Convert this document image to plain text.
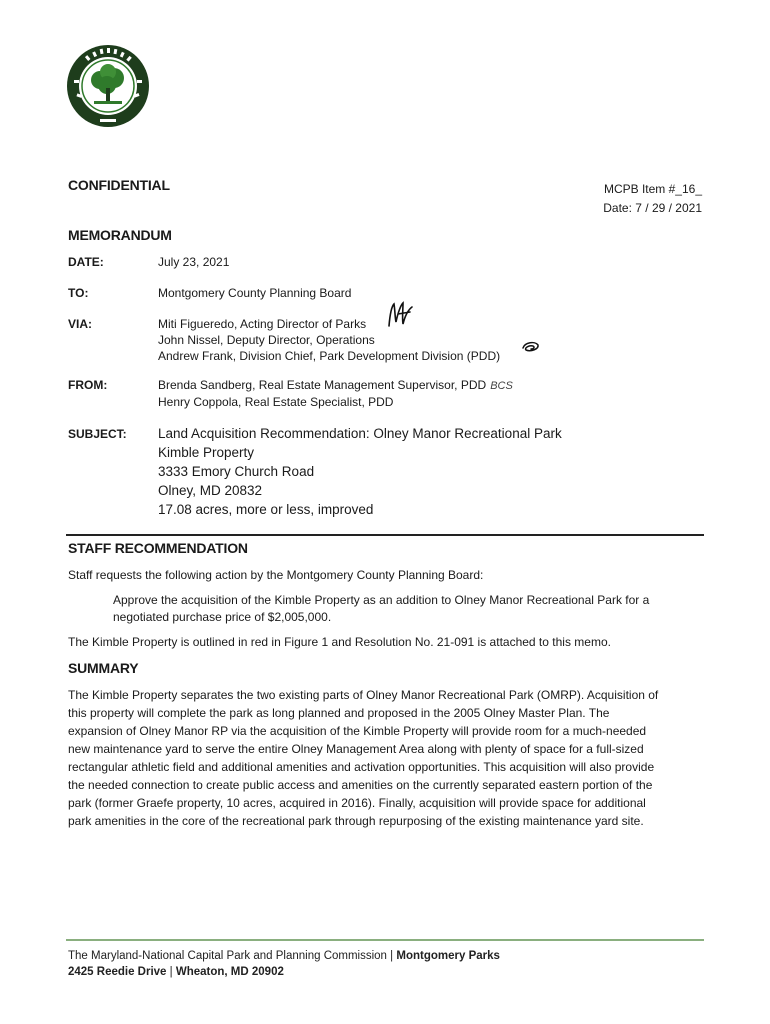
CONFIDENTIAL	MCPB Item #_16_
Date: 7 / 29 / 2021
MEMORANDUM
DATE:	July 23, 2021
TO:	Montgomery County Planning Board
VIA:	Miti Figueredo, Acting Director of Parks
John Nissel, Deputy Director, Operations
Andrew Frank, Division Chief, Park Development Division (PDD)
FROM:	Brenda Sandberg, Real Estate Management Supervisor, PDD BCS
Henry Coppola, Real Estate Specialist, PDD
SUBJECT: Land Acquisition Recommendation: Olney Manor Recreational Park
Kimble Property
3333 Emory Church Road
Olney, MD 20832
17.08 acres, more or less, improved
STAFF RECOMMENDATION
Staff requests the following action by the Montgomery County Planning Board:
Approve the acquisition of the Kimble Property as an addition to Olney Manor Recreational Park for a
negotiated purchase price of $2,005,000.
The Kimble Property is outlined in red in Figure 1 and Resolution No. 21-091 is attached to this memo.
SUMMARY
The Kimble Property separates the two existing parts of Olney Manor Recreational Park (OMRP). Acquisition of
this property will complete the park as long planned and proposed in the 2005 Olney Master Plan. The
expansion of Olney Manor RP via the acquisition of the Kimble Property will provide room for a much-needed
new maintenance yard to serve the entire Olney Management Area along with plenty of space for a full-sized
rectangular athletic field and additional amenities and activation opportunities. This acquisition will also provide
the needed connection to create public access and amenities on the currently separated eastern portion of the
park (former Graefe property, 10 acres, acquired in 2016). Finally, acquisition will provide space for additional
park amenities in the core of the recreational park through repurposing of the existing maintenance yard site.
The Maryland-National Capital Park and Planning Commission | Montgomery Parks
2425 Reedie Drive | Wheaton, MD 20902
